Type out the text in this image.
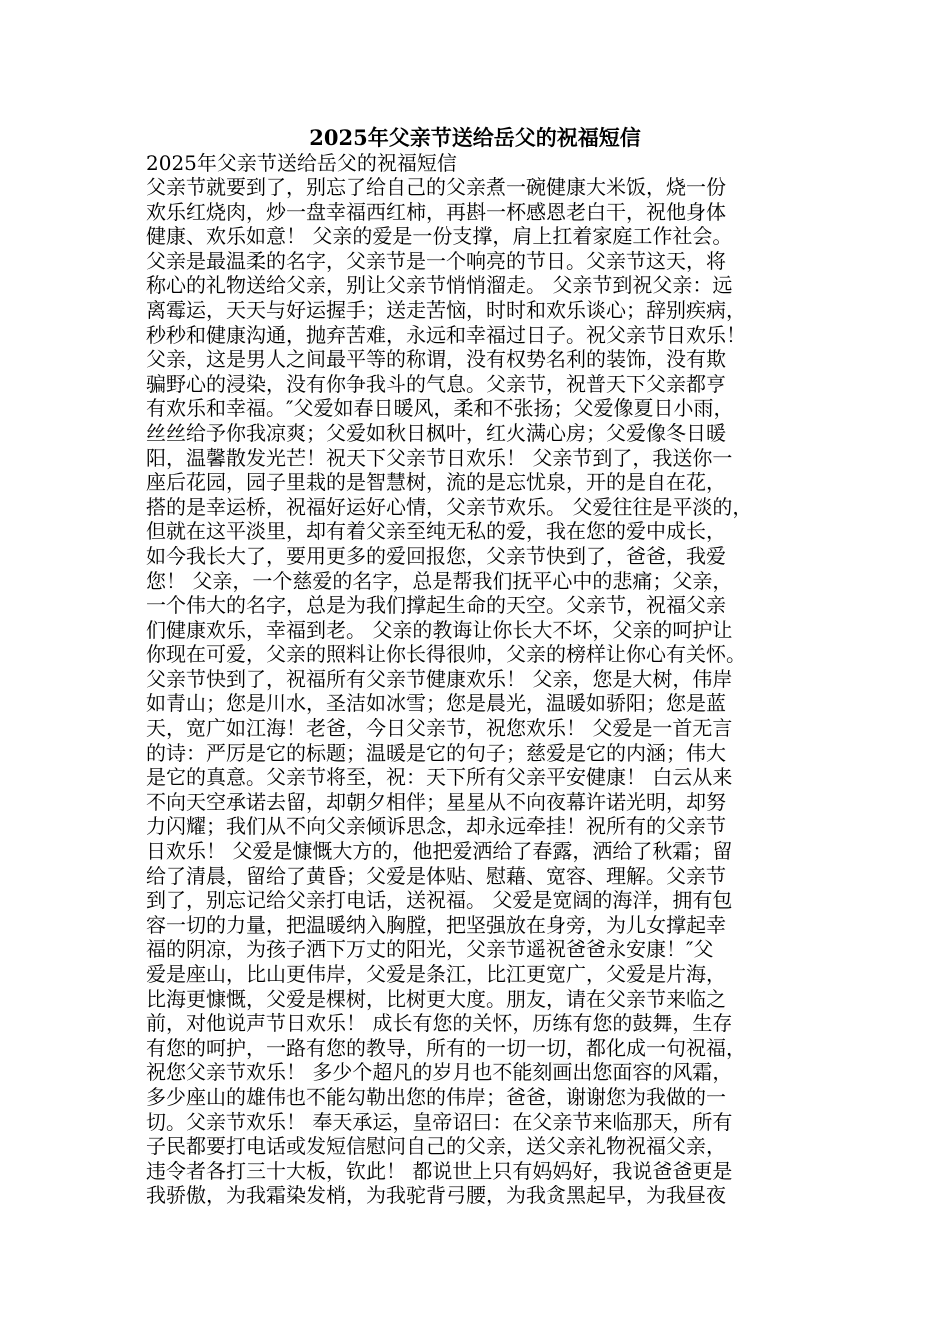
2025年父亲节送给岳父的祝福短信

2025年父亲节送给岳父的祝福短信

父亲节就要到了，别忘了给自己的父亲煮一碗健康大米饭，烧一份
欢乐红烧肉，炒一盘幸福西红柿，再斟一杯感恩老白干，祝他身体
健康、欢乐如意！ 父亲的爱是一份支撑，肩上扛着家庭工作社会。
父亲是最温柔的名字，父亲节是一个响亮的节日。父亲节这天，将
称心的礼物送给父亲，别让父亲节悄悄溜走。 父亲节到祝父亲：远
离霉运，天天与好运握手；送走苦恼，时时和欢乐谈心；辞别疾病，
秒秒和健康沟通，抛弃苦难，永远和幸福过日子。祝父亲节日欢乐！
父亲，这是男人之间最平等的称谓，没有权势名利的装饰，没有欺
骗野心的浸染，没有你争我斗的气息。父亲节，祝普天下父亲都亨
有欢乐和幸福。″父爱如春日暖风，柔和不张扬；父爱像夏日小雨，
丝丝给予你我凉爽；父爱如秋日枫叶，红火满心房；父爱像冬日暖
阳，温馨散发光芒！祝天下父亲节日欢乐！ 父亲节到了，我送你一
座后花园，园子里栽的是智慧树，流的是忘忧泉，开的是自在花，
搭的是幸运桥，祝福好运好心情，父亲节欢乐。 父爱往往是平淡的，
但就在这平淡里，却有着父亲至纯无私的爱，我在您的爱中成长，
如今我长大了，要用更多的爱回报您，父亲节快到了，爸爸，我爱
您！ 父亲，一个慈爱的名字，总是帮我们抚平心中的悲痛；父亲，
一个伟大的名字，总是为我们撑起生命的天空。父亲节，祝福父亲
们健康欢乐，幸福到老。 父亲的教诲让你长大不坏，父亲的呵护让
你现在可爱，父亲的照料让你长得很帅，父亲的榜样让你心有关怀。
父亲节快到了，祝福所有父亲节健康欢乐！ 父亲，您是大树，伟岸
如青山；您是川水，圣洁如冰雪；您是晨光，温暖如骄阳；您是蓝
天，宽广如江海！老爸，今日父亲节，祝您欢乐！ 父爱是一首无言
的诗：严厉是它的标题；温暖是它的句子；慈爱是它的内涵；伟大
是它的真意。父亲节将至，祝：天下所有父亲平安健康！ 白云从来
不向天空承诺去留，却朝夕相伴；星星从不向夜幕许诺光明，却努
力闪耀；我们从不向父亲倾诉思念，却永远牵挂！祝所有的父亲节
日欢乐！ 父爱是慷慨大方的，他把爱洒给了春露，洒给了秋霜；留
给了清晨，留给了黄昏；父爱是体贴、慰藉、宽容、理解。父亲节
到了，别忘记给父亲打电话，送祝福。 父爱是宽阔的海洋，拥有包
容一切的力量，把温暖纳入胸膛，把坚强放在身旁，为儿女撑起幸
福的阴凉，为孩子洒下万丈的阳光，父亲节遥祝爸爸永安康！″父
爱是座山，比山更伟岸，父爱是条江，比江更宽广，父爱是片海，
比海更慷慨，父爱是棵树，比树更大度。朋友，请在父亲节来临之
前，对他说声节日欢乐！ 成长有您的关怀，历练有您的鼓舞，生存
有您的呵护，一路有您的教导，所有的一切一切，都化成一句祝福，
祝您父亲节欢乐！ 多少个超凡的岁月也不能刻画出您面容的风霜，
多少座山的雄伟也不能勾勒出您的伟岸；爸爸，谢谢您为我做的一
切。父亲节欢乐！ 奉天承运，皇帝诏曰：在父亲节来临那天，所有
子民都要打电话或发短信慰问自己的父亲，送父亲礼物祝福父亲，
违令者各打三十大板，钦此！ 都说世上只有妈妈好，我说爸爸更是
我骄傲，为我霜染发梢，为我驼背弓腰，为我贪黑起早，为我昼夜
